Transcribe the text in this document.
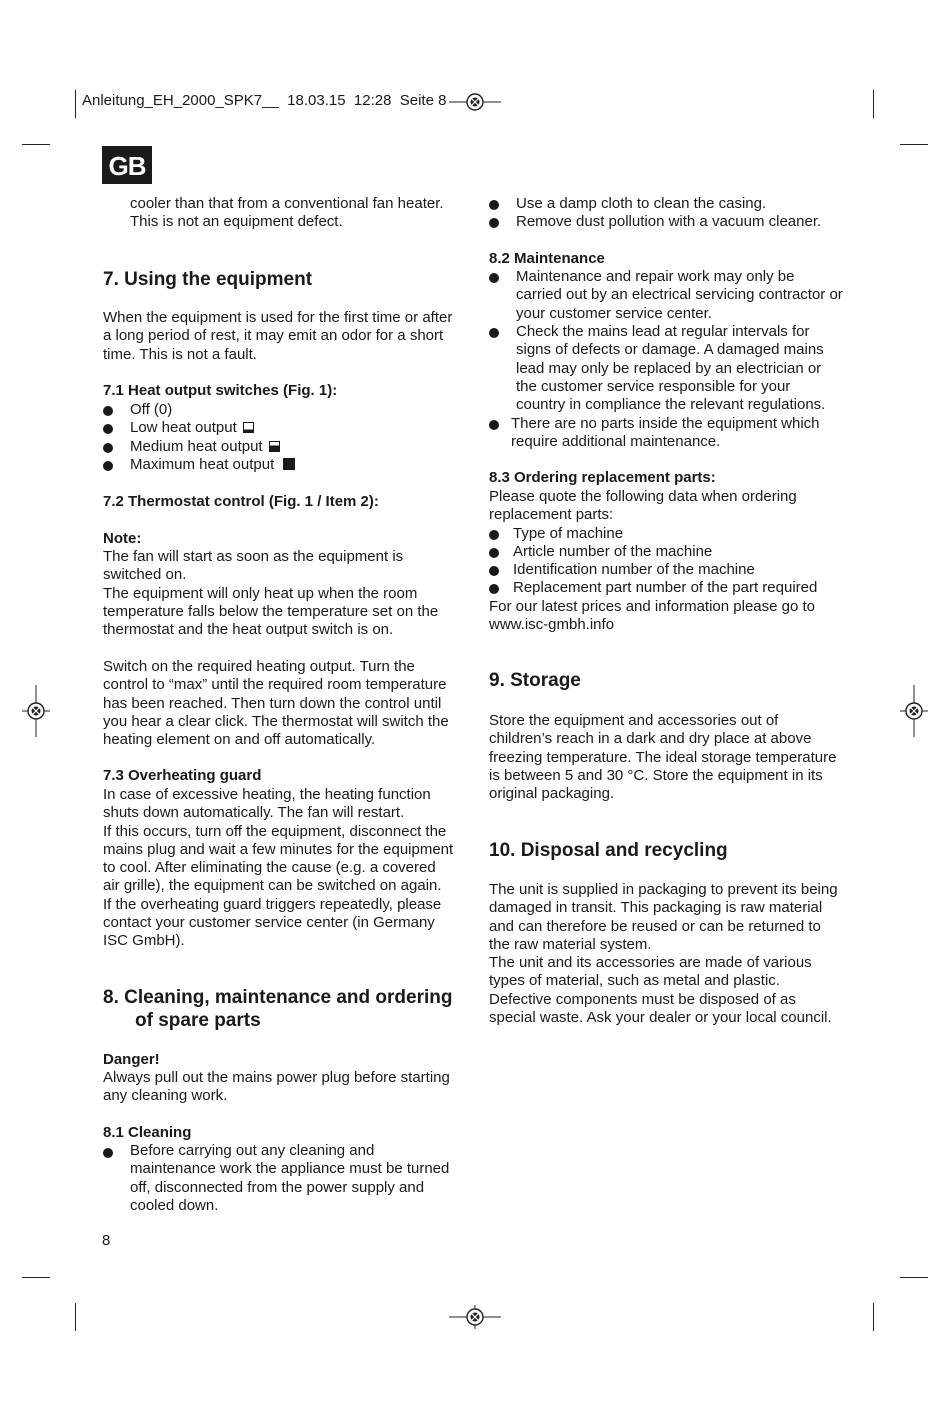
Anleitung_EH_2000_SPK7__  18.03.15  12:28  Seite 8
GB
cooler than that from a conventional fan heater.
This is not an equipment defect.
7. Using the equipment
When the equipment is used for the first time or after
a long period of rest, it may emit an odor for a short
time. This is not a fault.
7.1 Heat output switches (Fig. 1):
Off (0)
Low heat output
Medium heat output
Maximum heat output
7.2 Thermostat control (Fig. 1 / Item 2):
Note:
The fan will start as soon as the equipment is
switched on.
The equipment will only heat up when the room
temperature falls below the temperature set on the
thermostat and the heat output switch is on.
Switch on the required heating output. Turn the
control to “max” until the required room temperature
has been reached. Then turn down the control until
you hear a clear click. The thermostat will switch the
heating element on and off automatically.
7.3 Overheating guard
In case of excessive heating, the heating function
shuts down automatically. The fan will restart.
If this occurs, turn off the equipment, disconnect the
mains plug and wait a few minutes for the equipment
to cool. After eliminating the cause (e.g. a covered
air grille), the equipment can be switched on again.
If the overheating guard triggers repeatedly, please
contact your customer service center (in Germany
ISC GmbH).
8. Cleaning, maintenance and ordering
of spare parts
Danger!
Always pull out the mains power plug before starting
any cleaning work.
8.1 Cleaning
Before carrying out any cleaning and
maintenance work the appliance must be turned
off, disconnected from the power supply and
cooled down.
8
Use a damp cloth to clean the casing.
Remove dust pollution with a vacuum cleaner.
8.2 Maintenance
Maintenance and repair work may only be
carried out by an electrical servicing contractor or
your customer service center.
Check the mains lead at regular intervals for
signs of defects or damage. A damaged mains
lead may only be replaced by an electrician or
the customer service responsible for your
country in compliance the relevant regulations.
There are no parts inside the equipment which
require additional maintenance.
8.3 Ordering replacement parts:
Please quote the following data when ordering
replacement parts:
Type of machine
Article number of the machine
Identification number of the machine
Replacement part number of the part required
For our latest prices and information please go to
www.isc-gmbh.info
9. Storage
Store the equipment and accessories out of
children’s reach in a dark and dry place at above
freezing temperature. The ideal storage temperature
is between 5 and 30 °C. Store the equipment in its
original packaging.
10. Disposal and recycling
The unit is supplied in packaging to prevent its being
damaged in transit. This packaging is raw material
and can therefore be reused or can be returned to
the raw material system.
The unit and its accessories are made of various
types of material, such as metal and plastic.
Defective components must be disposed of as
special waste. Ask your dealer or your local council.
